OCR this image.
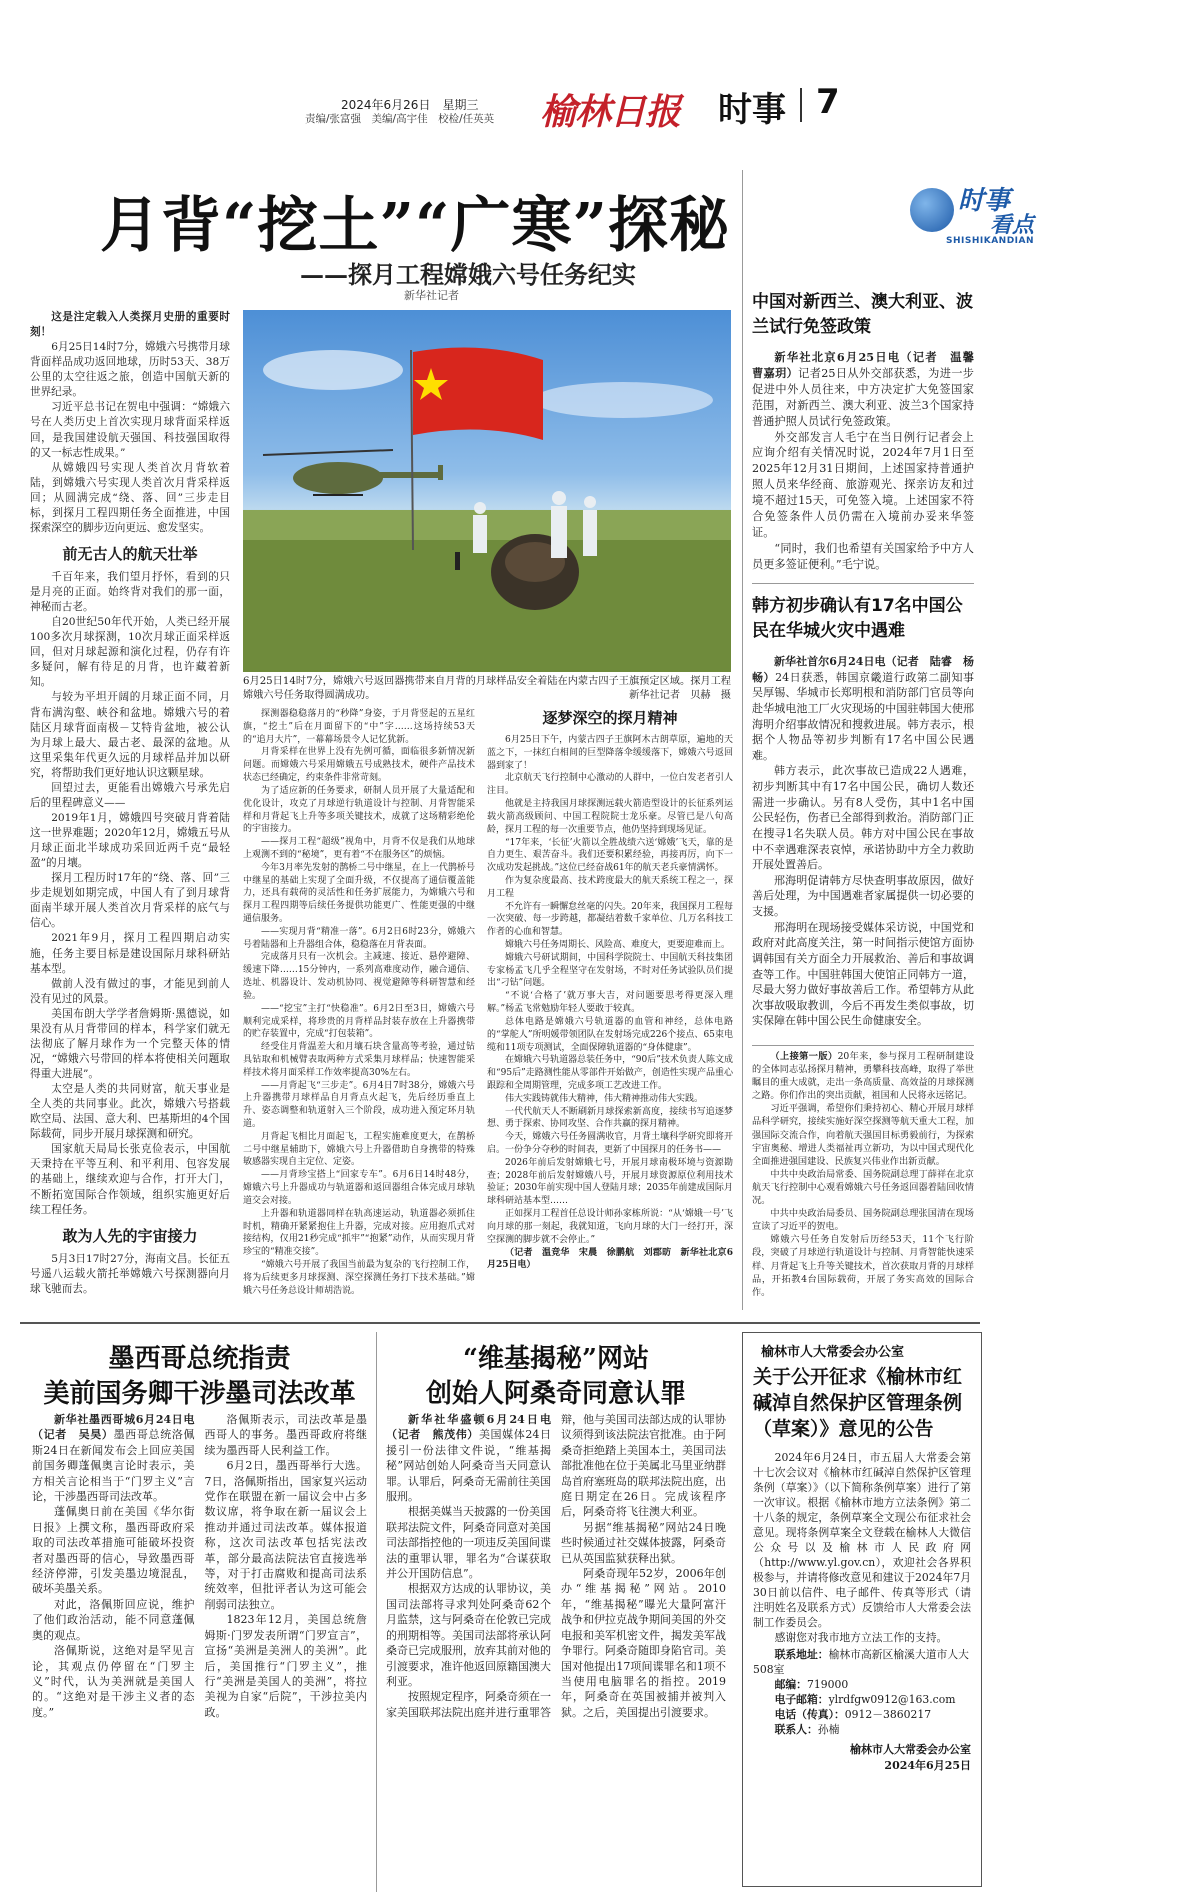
2024年6月26日　星期三
责编/张富强　美编/高宇佳　校检/任英英 榆林日报 时事 7
月背“挖土”“广寒”探秘
——探月工程嫦娥六号任务纪实
新华社记者
时事
看点
SHISHIKANDIAN
6月25日14时7分，嫦娥六号返回器携带来自月背的月球样品安全着陆在内蒙古四子王旗预定区域。探月工程嫦娥六号任务取得圆满成功。	新华社记者　贝赫　摄

这是注定载入人类探月史册的重要时刻！

6月25日14时7分，嫦娥六号携带月球背面样品成功返回地球，历时53天、38万公里的太空往返之旅，创造中国航天新的世界纪录。

习近平总书记在贺电中强调：“嫦娥六号在人类历史上首次实现月球背面采样返回，是我国建设航天强国、科技强国取得的又一标志性成果。”

从嫦娥四号实现人类首次月背软着陆，到嫦娥六号实现人类首次月背采样返回；从圆满完成“绕、落、回”三步走目标，到探月工程四期任务全面推进，中国探索深空的脚步迈向更远、愈发坚实。

前无古人的航天壮举

千百年来，我们望月抒怀，看到的只是月亮的正面。始终背对我们的那一面，神秘而古老。

自20世纪50年代开始，人类已经开展100多次月球探测，10次月球正面采样返回，但对月球起源和演化过程，仍存有许多疑问，解有待足的月背，也许藏着新知。

与较为平坦开阔的月球正面不同，月背布满沟壑、峡谷和盆地。嫦娥六号的着陆区月球背面南极－艾特肯盆地，被公认为月球上最大、最古老、最深的盆地。从这里采集年代更久远的月球样品并加以研究，将帮助我们更好地认识这颗星球。

回望过去，更能看出嫦娥六号承先启后的里程碑意义——

2019年1月，嫦娥四号突破月背着陆这一世界难题；2020年12月，嫦娥五号从月球正面北半球成功采回近两千克“最轻盈”的月壤。

探月工程历时17年的“绕、落、回”三步走规划如期完成，中国人有了到月球背面南半球开展人类首次月背采样的底气与信心。

2021年9月，探月工程四期启动实施，任务主要目标是建设国际月球科研站基本型。

做前人没有做过的事，才能见到前人没有见过的风景。

美国布朗大学学者詹姆斯·黑德说，如果没有从月背带回的样本，科学家们就无法彻底了解月球作为一个完整天体的情况，“嫦娥六号带回的样本将使相关问题取得重大进展”。

太空是人类的共同财富，航天事业是全人类的共同事业。此次，嫦娥六号搭载欧空局、法国、意大利、巴基斯坦的4个国际载荷，同步开展月球探测和研究。

国家航天局局长张克俭表示，中国航天秉持在平等互利、和平利用、包容发展的基础上，继续欢迎与合作，打开大门，不断拓宽国际合作领域，组织实施更好后续工程任务。

敢为人先的宇宙接力

5月3日17时27分，海南文昌。长征五号遥八运载火箭托举嫦娥六号探测器向月球飞驰而去。

探测器稳稳落月的“秒降”身姿，于月背竖起的五星红旗，“挖土”后在月面留下的“中”字……这场持续53天的“追月大片”，一幕幕场景令人记忆犹新。

月背采样在世界上没有先例可循，面临很多新情况新问题。而嫦娥六号采用嫦娥五号成熟技术，硬件产品技术状态已经确定，约束条件非常苛刻。

为了适应新的任务要求，研制人员开展了大量适配和优化设计，攻克了月球逆行轨道设计与控制、月背智能采样和月背起飞上升等多项关键技术，成就了这场精彩绝伦的宇宙接力。

——探月工程“超级”视角中，月背不仅是我们从地球上观测不到的“秘境”，更有着“不在服务区”的烦恼。

今年3月率先发射的鹊桥二号中继星，在上一代鹊桥号中继星的基础上实现了全面升级，不仅提高了通信覆盖能力，还具有载荷的灵活性和任务扩展能力，为嫦娥六号和探月工程四期等后续任务提供功能更广、性能更强的中继通信服务。

——实现月背“精准一落”。6月2日6时23分，嫦娥六号着陆器和上升器组合体，稳稳落在月背表面。

完成落月只有一次机会。主减速、接近、悬停避障、缓速下降……15分钟内，一系列高难度动作，融合通信、选址、机器设计、发动机协同、视觉避障等科研智慧和经验。

——“挖宝”主打“快稳准”。6月2日至3日，嫦娥六号顺利完成采样，将珍贵的月背样品封装存放在上升器携带的贮存装置中，完成“打包装箱”。

经受住月背温差大和月壤石块含量高等考验，通过钻具钻取和机械臂表取两种方式采集月球样品；快速智能采样技术将月面采样工作效率提高30%左右。

——月背起飞“三步走”。6月4日7时38分，嫦娥六号上升器携带月球样品自月背点火起飞，先后经历垂直上升、姿态调整和轨道射入三个阶段，成功进入预定环月轨道。

月背起飞相比月面起飞，工程实施难度更大，在鹊桥二号中继星辅助下，嫦娥六号上升器借助自身携带的特殊敏感器实现自主定位、定姿。

——月背珍宝搭上“回家专车”。6月6日14时48分，嫦娥六号上升器成功与轨道器和返回器组合体完成月球轨道交会对接。

上升器和轨道器同样在轨高速运动，轨道器必须抓住时机，精确开紧紧抱住上升器，完成对接。应用抱爪式对接结构，仅用21秒完成“抓牢”“抱紧”动作，从而实现月背珍宝的“精准交接”。

“嫦娥六号开展了我国当前最为复杂的飞行控制工作，将为后续更多月球探测、深空探测任务打下技术基础。”嫦娥六号任务总设计师胡浩说。

逐梦深空的探月精神

6月25日下午，内蒙古四子王旗阿木古朗草原，遍地的天蓝之下，一抹红白相间的巨型降落伞缓缓落下，嫦娥六号返回器到家了！

北京航天飞行控制中心激动的人群中，一位白发老者引人注目。

他就是主持我国月球探测远载火箭造型设计的长征系列运载火箭高级顾问、中国工程院院士龙乐豪。尽管已是八旬高龄，探月工程的每一次重要节点，他仍坚持到现场见证。

“17年来，‘长征’火箭以全胜战绩六送‘嫦娥’飞天，靠的是自力更生、艰苦奋斗。我们还要积累经验，再接再厉，向下一次成功发起挑战。”这位已经奋战61年的航天老兵豪情满怀。

作为复杂度最高、技术跨度最大的航天系统工程之一，探月工程

不允许有一瞬懈怠丝毫的闪失。20年来，我国探月工程每一次突破、每一步跨越，都凝结着数千家单位、几万名科技工作者的心血和智慧。

嫦娥六号任务周期长、风险高、难度大，更要迎难而上。

嫦娥六号研试期间，中国科学院院士、中国航天科技集团专家杨孟飞几乎全程坚守在发射场，不时对任务试验队员们提出“刁钻”问题。

“不说‘合格了’就万事大吉，对问题要思考得更深入理解。”杨孟飞常勉励年轻人要敢于较真。

总体电路是嫦娥六号轨道器的血管和神经，总体电路的“掌舵人”所明媛带领团队在发射场完成226个接点、65束电缆和11项专项测试，全面保障轨道器的“身体健康”。

在嫦娥六号轨道器总装任务中，“90后”技术负责人陈文成和“95后”走路测性能从零部件开始做产，创造性实现产品重心跟踪和全周期管理，完成多项工艺改进工作。

伟大实践铸就伟大精神，伟大精神推动伟大实践。

一代代航天人不断刷新月球探索新高度，接续书写追逐梦想、勇于探索、协同攻坚、合作共赢的探月精神。

今天，嫦娥六号任务圆满收官，月背土壤科学研究即将开启。一份争分夺秒的时间表，更新了中国探月的任务书——

2026年前后发射嫦娥七号，开展月球南极环境与资源勘查；2028年前后发射嫦娥八号，开展月球资源原位利用技术验证；2030年前实现中国人登陆月球；2035年前建成国际月球科研站基本型……

正如探月工程首任总设计师孙家栋所说：“从‘嫦娥一号’飞向月球的那一刻起，我就知道，飞向月球的大门一经打开，深空探测的脚步就不会停止。”

（记者　温竞华　宋晨　徐鹏航　刘郡昉　新华社北京6月25日电）

中国对新西兰、澳大利亚、波兰试行免签政策

新华社北京6月25日电（记者　温馨　曹嘉玥）记者25日从外交部获悉，为进一步促进中外人员往来，中方决定扩大免签国家范围，对新西兰、澳大利亚、波兰3个国家持普通护照人员试行免签政策。

外交部发言人毛宁在当日例行记者会上应询介绍有关情况时说，2024年7月1日至2025年12月31日期间，上述国家持普通护照人员来华经商、旅游观光、探亲访友和过境不超过15天，可免签入境。上述国家不符合免签条件人员仍需在入境前办妥来华签证。

“同时，我们也希望有关国家给予中方人员更多签证便利。”毛宁说。

韩方初步确认有17名中国公民在华城火灾中遇难

新华社首尔6月24日电（记者　陆睿　杨畅）24日获悉，韩国京畿道行政第二副知事吴厚锡、华城市长郑明根和消防部门官员等向赴华城电池工厂火灾现场的中国驻韩国大使邢海明介绍事故情况和搜救进展。韩方表示，根据个人物品等初步判断有17名中国公民遇难。

韩方表示，此次事故已造成22人遇难，初步判断其中有17名中国公民，确切人数还需进一步确认。另有8人受伤，其中1名中国公民轻伤，伤者已全部得到救治。消防部门正在搜寻1名失联人员。韩方对中国公民在事故中不幸遇难深表哀悼，承诺协助中方全力救助开展处置善后。

邢海明促请韩方尽快查明事故原因，做好善后处理，为中国遇难者家属提供一切必要的支援。

邢海明在现场接受媒体采访说，中国党和政府对此高度关注，第一时间指示使馆方面协调韩国有关方面全力开展救治、善后和事故调查等工作。中国驻韩国大使馆正同韩方一道，尽最大努力做好事故善后工作。希望韩方从此次事故吸取教训，今后不再发生类似事故，切实保障在韩中国公民生命健康安全。

（上接第一版）20年来，参与探月工程研制建设的全体同志弘扬探月精神，勇攀科技高峰，取得了举世瞩目的重大成就，走出一条高质量、高效益的月球探测之路。你们作出的突出贡献，祖国和人民将永远铭记。

习近平强调，希望你们秉持初心、精心开展月球样品科学研究，接续实施好深空探测等航天重大工程，加强国际交流合作，向着航天强国目标勇毅前行，为探索宇宙奥秘、增进人类福祉再立新功，为以中国式现代化全面推进强国建设、民族复兴伟业作出新贡献。

中共中央政治局常委、国务院副总理丁薛祥在北京航天飞行控制中心观看嫦娥六号任务返回器着陆回收情况。

中共中央政治局委员、国务院副总理张国清在现场宣读了习近平的贺电。

嫦娥六号任务自发射后历经53天，11个飞行阶段，突破了月球逆行轨道设计与控制、月背智能快速采样、月背起飞上升等关键技术，首次获取月背的月球样品，开拓教4台国际载荷，开展了务实高效的国际合作。

墨西哥总统指责
美前国务卿干涉墨司法改革

新华社墨西哥城6月24日电（记者　吴昊）墨西哥总统洛佩斯24日在新闻发布会上回应美国前国务卿蓬佩奥言论时表示，美方相关言论相当于“门罗主义”言论，干涉墨西哥司法改革。

蓬佩奥日前在美国《华尔街日报》上撰文称，墨西哥政府采取的司法改革措施可能破坏投资者对墨西哥的信心，导致墨西哥经济停滞，引发美墨边境混乱，破坏美墨关系。

对此，洛佩斯回应说，维护了他们政治活动，能不同意蓬佩奥的观点。

洛佩斯说，这绝对是罕见言论，其观点仍停留在“门罗主义”时代，认为美洲就是美国人的。“这绝对是干涉主义者的态度。”

洛佩斯表示，司法改革是墨西哥人的事务。墨西哥政府将继续为墨西哥人民利益工作。

6月2日，墨西哥举行大选。7日，洛佩斯指出，国家复兴运动党作在联盟在新一届议会中占多数议席，将争取在新一届议会上推动并通过司法改革。媒体报道称，这次司法改革包括宪法改革，部分最高法院法官直接选举等，对于打击腐败和提高司法系统效率，但批评者认为这可能会削弱司法独立。

1823年12月，美国总统詹姆斯·门罗发表所谓“门罗宣言”，宣扬“美洲是美洲人的美洲”。此后，美国推行“门罗主义”，推行“美洲是美国人的美洲”，将拉美视为自家“后院”，干涉拉美内政。

“维基揭秘”网站
创始人阿桑奇同意认罪

新华社华盛顿6月24日电（记者　熊茂伟）美国媒体24日援引一份法律文件说，“维基揭秘”网站创始人阿桑奇当天同意认罪。认罪后，阿桑奇无需前往美国服刑。

根据美媒当天披露的一份美国联邦法院文件，阿桑奇同意对美国司法部指控他的一项违反美国间谍法的重罪认罪，罪名为“合谋获取并公开国防信息”。

根据双方达成的认罪协议，美国司法部将寻求判处阿桑奇62个月监禁，这与阿桑奇在伦敦已完成的刑期相等。美国司法部将承认阿桑奇已完成服刑，放弃其前对他的引渡要求，准许他返回原籍国澳大利亚。

按照规定程序，阿桑奇须在一家美国联邦法院出庭并进行重罪答辩，他与美国司法部达成的认罪协议须得到该法院法官批准。由于阿桑奇拒绝踏上美国本土，美国司法部批准他在位于美属北马里亚纳群岛首府塞班岛的联邦法院出庭，出庭日期定在26日。完成该程序后，阿桑奇将飞往澳大利亚。

另据“维基揭秘”网站24日晚些时候通过社交媒体披露，阿桑奇已从英国监狱获释出狱。

阿桑奇现年52岁，2006年创办“维基揭秘”网站。2010年，“维基揭秘”曝光大量阿富汗战争和伊拉克战争期间美国的外交电报和美军机密文件，揭发美军战争罪行。阿桑奇随即身陷官司。美国对他提出17项间谍罪名和1项不当使用电脑罪名的指控。2019年，阿桑奇在英国被捕并被判入狱。之后，美国提出引渡要求。

榆林市人大常委会办公室
关于公开征求《榆林市红碱淖自然保护区管理条例（草案）》意见的公告

2024年6月24日，市五届人大常委会第十七次会议对《榆林市红碱淖自然保护区管理条例（草案）》（以下简称条例草案）进行了第一次审议。根据《榆林市地方立法条例》第二十八条的规定，条例草案全文现公布征求社会意见。现将条例草案全文登载在榆林人大微信公众号以及榆林市人民政府网（http://www.yl.gov.cn），欢迎社会各界积极参与，并请将修改意见和建议于2024年7月30日前以信件、电子邮件、传真等形式（请注明姓名及联系方式）反馈给市人大常委会法制工作委员会。

感谢您对我市地方立法工作的支持。

联系地址：榆林市高新区榆溪大道市人大508室
邮编：719000
电子邮箱：ylrdfgw0912@163.com
电话（传真）：0912－3860217
联系人：孙楠
榆林市人大常委会办公室
2024年6月25日
